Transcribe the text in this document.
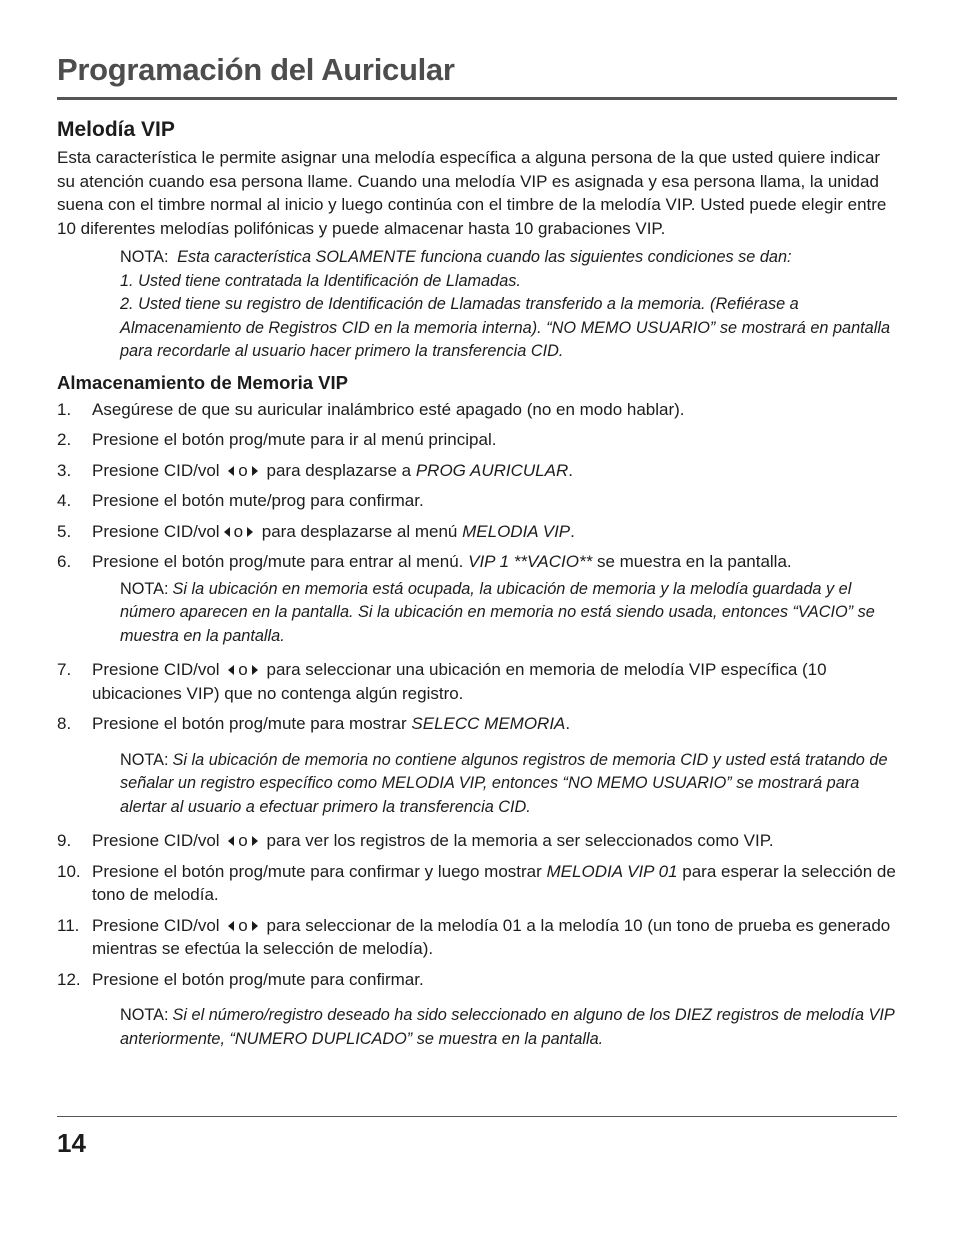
Programación del Auricular
Melodía VIP

Esta característica le permite asignar una melodía específica a alguna persona de la que usted quiere indicar su atención cuando esa persona llame. Cuando una melodía VIP es asignada y esa persona llama, la unidad suena con el timbre normal al inicio y luego continúa con el timbre de la melodía VIP. Usted puede elegir entre 10 diferentes melodías polifónicas y puede almacenar hasta 10 grabaciones VIP.

NOTA: Esta característica SOLAMENTE funciona cuando las siguientes condiciones se dan:
1. Usted tiene contratada la Identificación de Llamadas.
2. Usted tiene su registro de Identificación de Llamadas transferido a la memoria. (Refiérase a Almacenamiento de Registros CID en la memoria interna). “NO MEMO USUARIO” se mostrará en pantalla para recordarle al usuario hacer primero la transferencia CID.
Almacenamiento de Memoria VIP
1. Asegúrese de que su auricular inalámbrico esté apagado (no en modo hablar).
2. Presione el botón prog/mute para ir al menú principal.
3. Presione CID/vol o para desplazarse a PROG AURICULAR.
4. Presione el botón mute/prog para confirmar.
5. Presione CID/vol o para desplazarse al menú MELODIA VIP.
6. Presione el botón prog/mute para entrar al menú. VIP 1 **VACIO** se muestra en la pantalla.
NOTA: Si la ubicación en memoria está ocupada, la ubicación de memoria y la melodía guardada y el número aparecen en la pantalla. Si la ubicación en memoria no está siendo usada, entonces “VACIO” se muestra en la pantalla.
7. Presione CID/vol o para seleccionar una ubicación en memoria de melodía VIP específica (10 ubicaciones VIP) que no contenga algún registro.
8. Presione el botón prog/mute para mostrar SELECC MEMORIA.
NOTA: Si la ubicación de memoria no contiene algunos registros de memoria CID y usted está tratando de señalar un registro específico como MELODIA VIP, entonces “NO MEMO USUARIO” se mostrará para alertar al usuario a efectuar primero la transferencia CID.
9. Presione CID/vol o para ver los registros de la memoria a ser seleccionados como VIP.
10. Presione el botón prog/mute para confirmar y luego mostrar MELODIA VIP 01 para esperar la selección de tono de melodía.
11. Presione CID/vol o para seleccionar de la melodía 01 a la melodía 10 (un tono de prueba es generado mientras se efectúa la selección de melodía).
12. Presione el botón prog/mute para confirmar.
NOTA: Si el número/registro deseado ha sido seleccionado en alguno de los DIEZ registros de melodía VIP anteriormente, “NUMERO DUPLICADO” se muestra en la pantalla.
14
